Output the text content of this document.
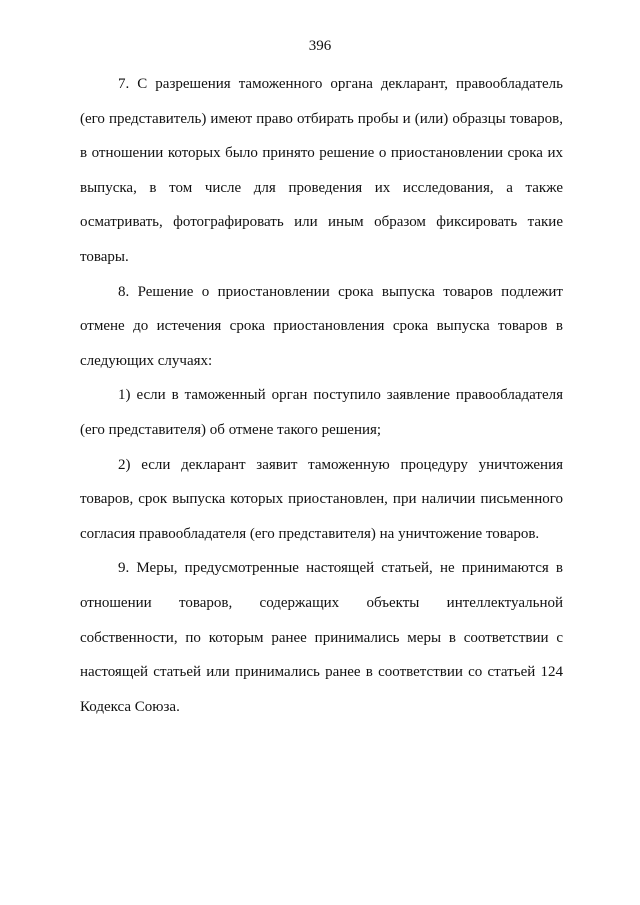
396

7. С разрешения таможенного органа декларант, правообладатель (его представитель) имеют право отбирать пробы и (или) образцы товаров, в отношении которых было принято решение о приостановлении срока их выпуска, в том числе для проведения их исследования, а также осматривать, фотографировать или иным образом фиксировать такие товары.

8. Решение о приостановлении срока выпуска товаров подлежит отмене до истечения срока приостановления срока выпуска товаров в следующих случаях:

1) если в таможенный орган поступило заявление правообладателя (его представителя) об отмене такого решения;

2) если декларант заявит таможенную процедуру уничтожения товаров, срок выпуска которых приостановлен, при наличии письменного согласия правообладателя (его представителя) на уничтожение товаров.

9. Меры, предусмотренные настоящей статьей, не принимаются в отношении товаров, содержащих объекты интеллектуальной собственности, по которым ранее принимались меры в соответствии с настоящей статьей или принимались ранее в соответствии со статьей 124 Кодекса Союза.
